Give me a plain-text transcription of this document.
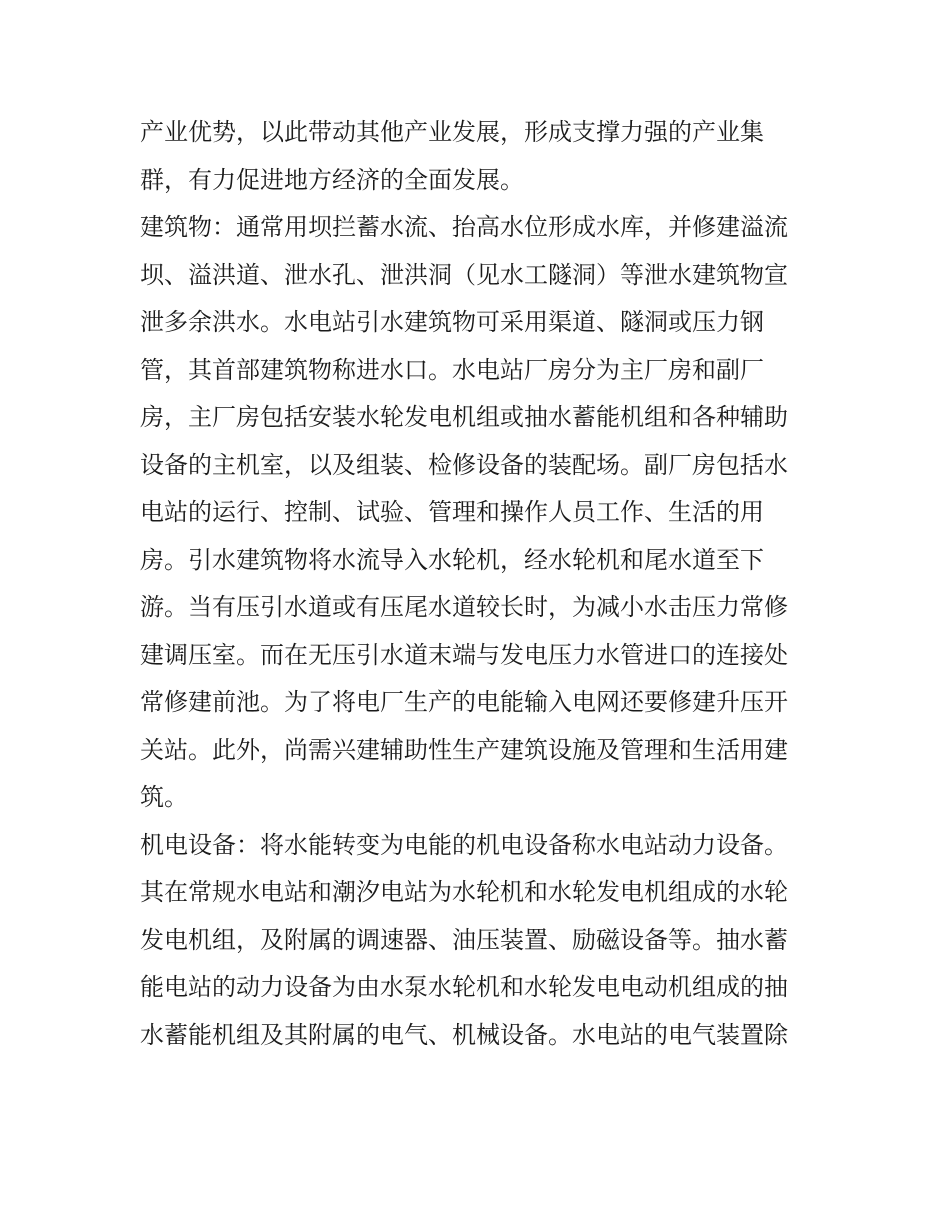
产业优势，以此带动其他产业发展，形成支撑力强的产业集
群，有力促进地方经济的全面发展。
建筑物：通常用坝拦蓄水流、抬高水位形成水库，并修建溢流
坝、溢洪道、泄水孔、泄洪洞（见水工隧洞）等泄水建筑物宣
泄多余洪水。水电站引水建筑物可采用渠道、隧洞或压力钢
管，其首部建筑物称进水口。水电站厂房分为主厂房和副厂
房，主厂房包括安装水轮发电机组或抽水蓄能机组和各种辅助
设备的主机室，以及组装、检修设备的装配场。副厂房包括水
电站的运行、控制、试验、管理和操作人员工作、生活的用
房。引水建筑物将水流导入水轮机，经水轮机和尾水道至下
游。当有压引水道或有压尾水道较长时，为减小水击压力常修
建调压室。而在无压引水道末端与发电压力水管进口的连接处
常修建前池。为了将电厂生产的电能输入电网还要修建升压开
关站。此外，尚需兴建辅助性生产建筑设施及管理和生活用建
筑。
机电设备：将水能转变为电能的机电设备称水电站动力设备。
其在常规水电站和潮汐电站为水轮机和水轮发电机组成的水轮
发电机组，及附属的调速器、油压装置、励磁设备等。抽水蓄
能电站的动力设备为由水泵水轮机和水轮发电电动机组成的抽
水蓄能机组及其附属的电气、机械设备。水电站的电气装置除
